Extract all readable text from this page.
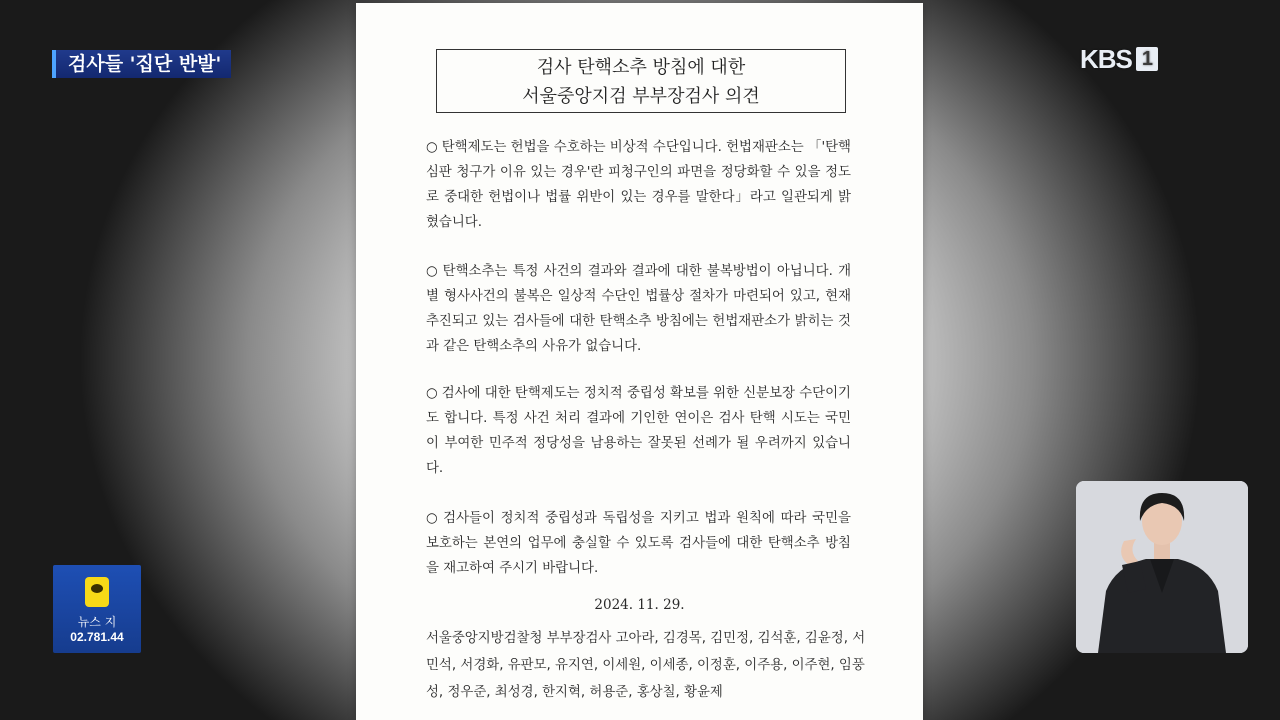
검사들 '집단 반발'	KBS 1
검사 탄핵소추 방침에 대한
서울중앙지검 부부장검사 의견
○ 탄핵제도는 헌법을 수호하는 비상적 수단입니다. 헌법재판소는 「'탄핵 심판 청구가 이유 있는 경우'란 피청구인의 파면을 정당화할 수 있을 정도로 중대한 헌법이나 법률 위반이 있는 경우를 말한다」라고 일관되게 밝혔습니다.
○ 탄핵소추는 특정 사건의 결과와 결과에 대한 불복방법이 아닙니다. 개별 형사사건의 불복은 일상적 수단인 법률상 절차가 마련되어 있고, 현재 추진되고 있는 검사들에 대한 탄핵소추 방침에는 헌법재판소가 밝히는 것과 같은 탄핵소추의 사유가 없습니다.
○ 검사에 대한 탄핵제도는 정치적 중립성 확보를 위한 신분보장 수단이기도 합니다. 특정 사건 처리 결과에 기인한 연이은 검사 탄핵 시도는 국민이 부여한 민주적 정당성을 남용하는 잘못된 선례가 될 우려까지 있습니다.
○ 검사들이 정치적 중립성과 독립성을 지키고 법과 원칙에 따라 국민을 보호하는 본연의 업무에 충실할 수 있도록 검사들에 대한 탄핵소추 방침을 재고하여 주시기 바랍니다.
2024. 11. 29.
서울중앙지방검찰청 부부장검사 고아라, 김경목, 김민정, 김석훈, 김윤정, 서민석, 서경화, 유판모, 유지연, 이세원, 이세종, 이정훈, 이주용, 이주현, 임풍성, 정우준, 최성경, 한지혁, 허용준, 홍상칠, 황윤제
뉴스 지
02.781.44
